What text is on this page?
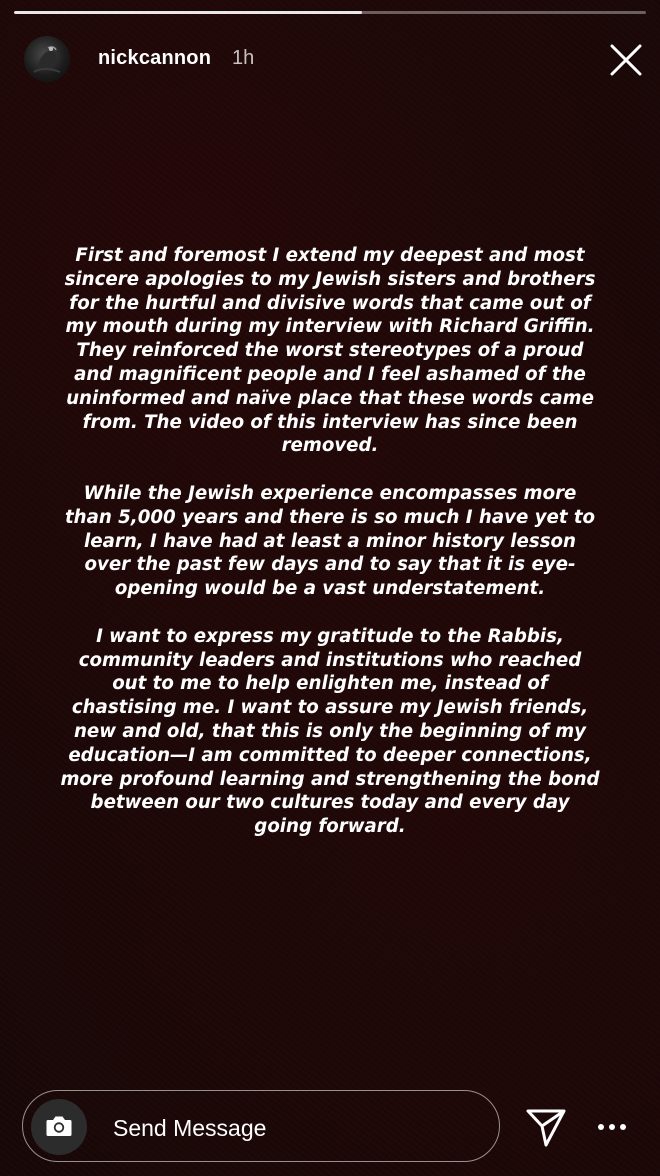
nickcannon 1h

First and foremost I extend my deepest and most sincere apologies to my Jewish sisters and brothers for the hurtful and divisive words that came out of my mouth during my interview with Richard Griffin. They reinforced the worst stereotypes of a proud and magnificent people and I feel ashamed of the uninformed and naïve place that these words came from. The video of this interview has since been removed.

While the Jewish experience encompasses more than 5,000 years and there is so much I have yet to learn, I have had at least a minor history lesson over the past few days and to say that it is eye-opening would be a vast understatement.

I want to express my gratitude to the Rabbis, community leaders and institutions who reached out to me to help enlighten me, instead of chastising me. I want to assure my Jewish friends, new and old, that this is only the beginning of my education—I am committed to deeper connections, more profound learning and strengthening the bond between our two cultures today and every day going forward.

Send Message
